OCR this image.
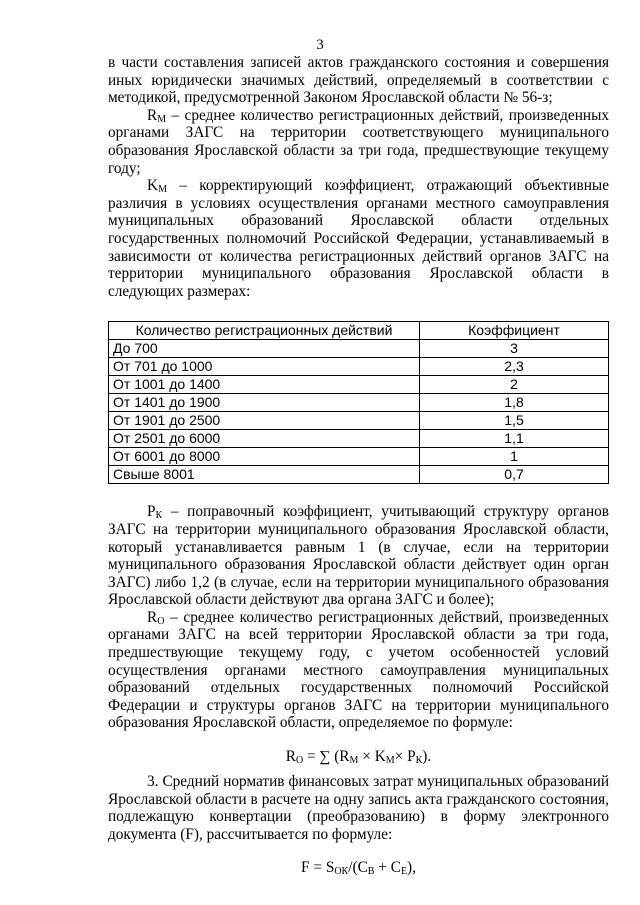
3

в части составления записей актов гражданского состояния и совершения иных юридически значимых действий, определяемый в соответствии с методикой, предусмотренной Законом Ярославской области № 56-з;

$R_М$ – среднее количество регистрационных действий, произведенных органами ЗАГС на территории соответствующего муниципального образования Ярославской области за три года, предшествующие текущему году;

$K_М$ – корректирующий коэффициент, отражающий объективные различия в условиях осуществления органами местного самоуправления муниципальных образований Ярославской области отдельных государственных полномочий Российской Федерации, устанавливаемый в зависимости от количества регистрационных действий органов ЗАГС на территории муниципального образования Ярославской области в следующих размерах:

Количество регистрационных действий	Коэффициент
До 700	3
От 701 до 1000	2,3
От 1001 до 1400	2
От 1401 до 1900	1,8
От 1901 до 2500	1,5
От 2501 до 6000	1,1
От 6001 до 8000	1
Свыше 8001	0,7

$P_К$ – поправочный коэффициент, учитывающий структуру органов ЗАГС на территории муниципального образования Ярославской области, который устанавливается равным 1 (в случае, если на территории муниципального образования Ярославской области действует один орган ЗАГС) либо 1,2 (в случае, если на территории муниципального образования Ярославской области действуют два органа ЗАГС и более);

$R_О$ – среднее количество регистрационных действий, произведенных органами ЗАГС на всей территории Ярославской области за три года, предшествующие текущему году, с учетом особенностей условий осуществления органами местного самоуправления муниципальных образований отдельных государственных полномочий Российской Федерации и структуры органов ЗАГС на территории муниципального образования Ярославской области, определяемое по формуле:

$R_О$ = ∑ $(R_М \times K_М\times P_К)$.

3. Средний норматив финансовых затрат муниципальных образований Ярославской области в расчете на одну запись акта гражданского состояния, подлежащую конвертации (преобразованию) в форму электронного документа (F), рассчитывается по формуле:

$F = S_{ОК}/(C_В + C_Е)$,
